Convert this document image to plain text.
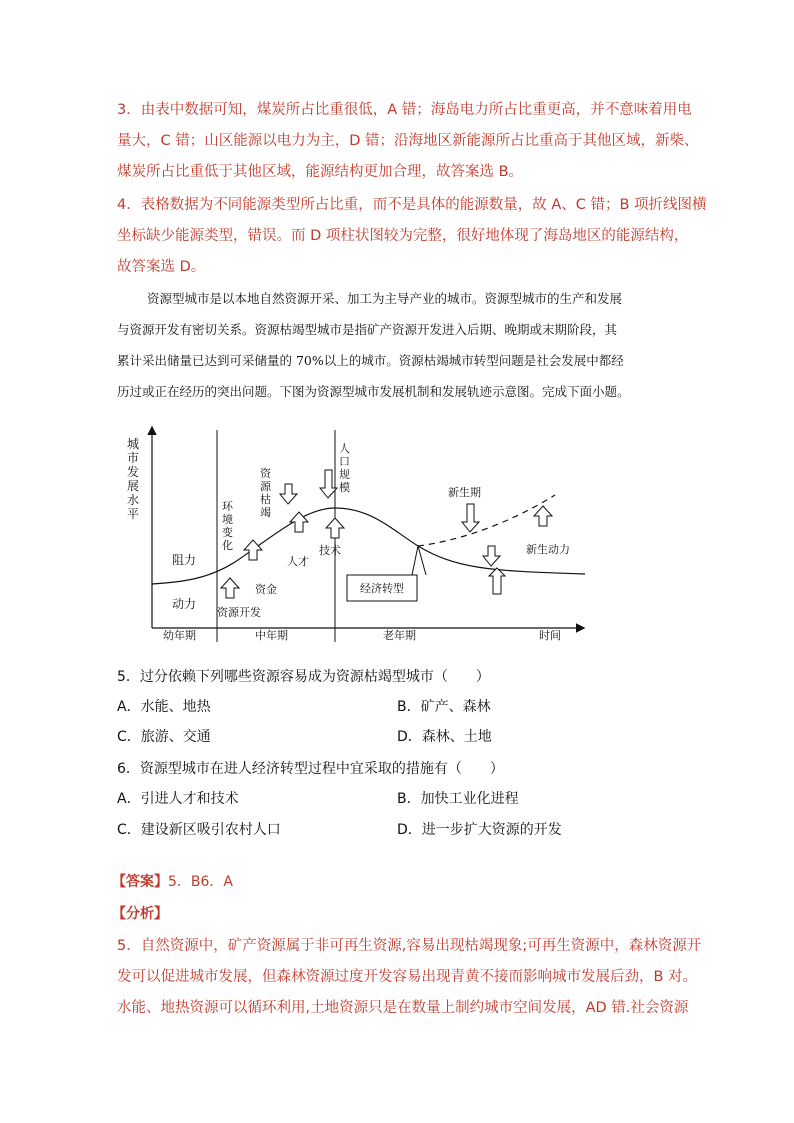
3．由表中数据可知，煤炭所占比重很低，A 错；海岛电力所占比重更高，并不意味着用电
量大，C 错；山区能源以电力为主，D 错；沿海地区新能源所占比重高于其他区域，新柴、
煤炭所占比重低于其他区域，能源结构更加合理，故答案选 B。
4．表格数据为不同能源类型所占比重，而不是具体的能源数量，故 A、C 错；B 项折线图横
坐标缺少能源类型，错误。而 D 项柱状图较为完整，很好地体现了海岛地区的能源结构，
故答案选 D。
资源型城市是以本地自然资源开采、加工为主导产业的城市。资源型城市的生产和发展
与资源开发有密切关系。资源枯竭型城市是指矿产资源开发进入后期、晚期或末期阶段，其
累计采出储量已达到可采储量的 70%以上的城市。资源枯竭城市转型问题是社会发展中都经
历过或正在经历的突出问题。下图为资源型城市发展机制和发展轨迹示意图。完成下面小题。
城市发展水平
阻力
动力
环境变化
资源枯竭
人口规模	新生期
资金
人才
技术
资源开发
新生动力
经济转型
幼年期	中年期	老年期	时间
5．过分依赖下列哪些资源容易成为资源枯竭型城市（　　）
A．水能、地热	B．矿产、森林
C．旅游、交通	D．森林、土地
6．资源型城市在进人经济转型过程中宜采取的措施有（　　）
A．引进人才和技术	B．加快工业化进程
C．建设新区吸引农村人口	D．进一步扩大资源的开发
【答案】5．B6．A
【分析】
5．自然资源中，矿产资源属于非可再生资源,容易出现枯竭现象;可再生资源中，森林资源开
发可以促进城市发展，但森林资源过度开发容易出现青黄不接而影响城市发展后劲，B 对。
水能、地热资源可以循环利用,土地资源只是在数量上制约城市空间发展，AD 错.社会资源
